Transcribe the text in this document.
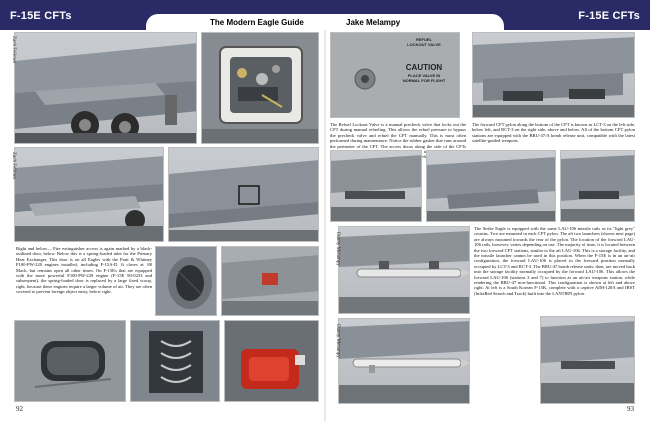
F-15E CFTs	F-15E CFTs
The Modern Eagle Guide	Jake Melampy
Zach Fellows
Zach Fellows

Right and below— Fire extinguisher access is again marked by a black-outlined door, below. Below this is a spring-loaded inlet for the Primary Heat Exchanger. This door is on all Eagles with the Pratt & Whitney F100-PW-220 engines installed, including F-15A-D. It closes at .80 Mach, but remains open all other times. On F-15Es that are equipped with the more powerful F100-PW-229 engine (F-15E 90-0233 and subsequent), the spring-loaded door is replaced by a large fixed scoop, right, because these engines require a larger volume of air. They are often covered to prevent foreign object entry, below right.

92
REFUEL
LOCKOUT VALVE
CAUTION
PLACE VALVE IN
NORMAL FOR FLIGHT

The Refuel Lockout Valve is a manual precheck valve that locks out the CFT during manual refueling. This allows the refuel pressure to bypass the precheck valve and refuel the CFT manually. This is most often performed during maintenance. Notice the rubber gasket that runs around the perimeter of the CFT. The access doors along the side of the CFTs left.

The forward CFT pylon along the bottom of the CFT is known as LCT-3 on the left side, below left, and RCT-3 on the right side, above and below. All of the bottom CFT pylon stations are equipped with the BRU-47/A bomb release unit, compatible with the latest satellite-guided weapons.

Danny Melampy

The Strike Eagle is equipped with the same LAU-106 missile rails as its "light grey" cousins. Two are mounted in each CFT pylon. The aft two launchers (shown next page) are always mounted towards the rear of the pylon. The location of the forward LAU-106 rails, however, varies depending on use. The majority of time, it is located between the two forward CFT stations, similar to the aft LAU-106. This is a storage facility, and the missile launcher cannot be used in this position. When the F-15E is in an air-air configuration, the forward LAU-106 is placed in the forward position normally occupied by LCT-3 and RCT-3. The BRU-47 bomb release units, then, are moved back into the storage facility normally occupied by the forward LAU-106. This allows the forward LAU-106 (stations 3 and 7) to function as an air-air weapons station, while rendering the BRU-47 non-functional. This configuration is shown at left and above right. At left is a South Korean F-15K, complete with a captive AIM-120A and IRST (InfraRed Search and Track) built into the LANTIRN pylon.

Danny Melampy
93
